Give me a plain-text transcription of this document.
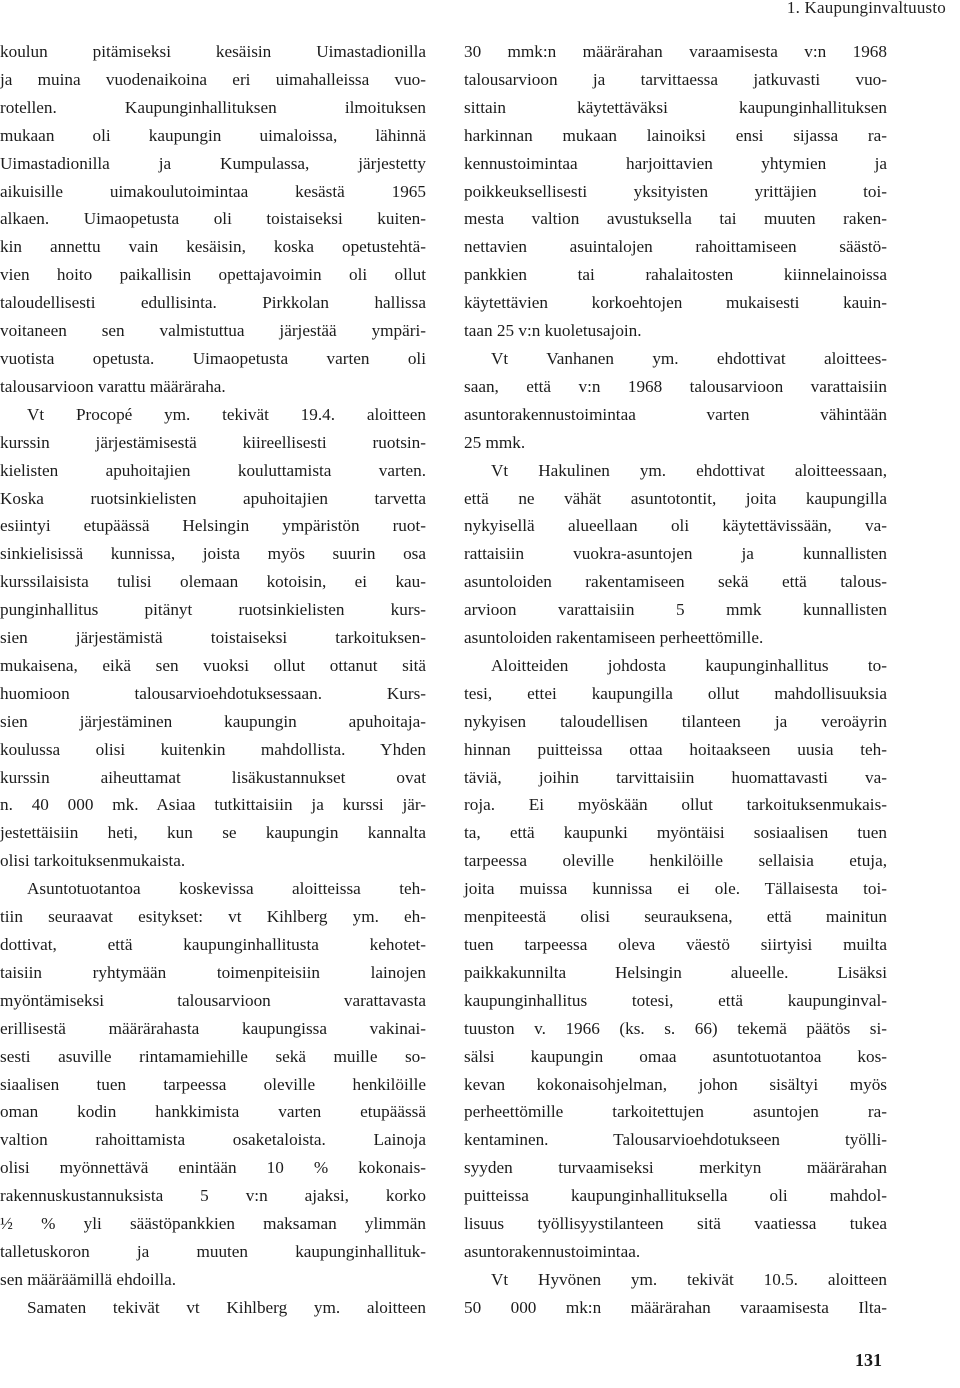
1. Kaupunginvaltuusto
koulun pitämiseksi kesäisin Uimastadionilla
ja muina vuodenaikoina eri uimahalleissa vuo-
rotellen. Kaupunginhallituksen ilmoituksen
mukaan oli kaupungin uimaloissa, lähinnä
Uimastadionilla ja Kumpulassa, järjestetty
aikuisille uimakoulutoimintaa kesästä 1965
alkaen. Uimaopetusta oli toistaiseksi kuiten-
kin annettu vain kesäisin, koska opetustehtä-
vien hoito paikallisin opettajavoimin oli ollut
taloudellisesti edullisinta. Pirkkolan hallissa
voitaneen sen valmistuttua järjestää ympäri-
vuotista opetusta. Uimaopetusta varten oli
talousarvioon varattu määräraha.
Vt Procopé ym. tekivät 19.4. aloitteen
kurssin järjestämisestä kiireellisesti ruotsin-
kielisten apuhoitajien kouluttamista varten.
Koska ruotsinkielisten apuhoitajien tarvetta
esiintyi etupäässä Helsingin ympäristön ruot-
sinkielisissä kunnissa, joista myös suurin osa
kurssilaisista tulisi olemaan kotoisin, ei kau-
punginhallitus pitänyt ruotsinkielisten kurs-
sien järjestämistä toistaiseksi tarkoituksen-
mukaisena, eikä sen vuoksi ollut ottanut sitä
huomioon talousarvioehdotuksessaan. Kurs-
sien järjestäminen kaupungin apuhoitaja-
koulussa olisi kuitenkin mahdollista. Yhden
kurssin aiheuttamat lisäkustannukset ovat
n. 40 000 mk. Asiaa tutkittaisiin ja kurssi jär-
jestettäisiin heti, kun se kaupungin kannalta
olisi tarkoituksenmukaista.
Asuntotuotantoa koskevissa aloitteissa teh-
tiin seuraavat esitykset: vt Kihlberg ym. eh-
dottivat, että kaupunginhallitusta kehotet-
taisiin ryhtymään toimenpiteisiin lainojen
myöntämiseksi talousarvioon varattavasta
erillisestä määrärahasta kaupungissa vakinai-
sesti asuville rintamamiehille sekä muille so-
siaalisen tuen tarpeessa oleville henkilöille
oman kodin hankkimista varten etupäässä
valtion rahoittamista osaketaloista. Lainoja
olisi myönnettävä enintään 10 % kokonais-
rakennuskustannuksista 5 v:n ajaksi, korko
½ % yli säästöpankkien maksaman ylimmän
talletuskoron ja muuten kaupunginhallituk-
sen määräämillä ehdoilla.
Samaten tekivät vt Kihlberg ym. aloitteen
30 mmk:n määrärahan varaamisesta v:n 1968
talousarvioon ja tarvittaessa jatkuvasti vuo-
sittain käytettäväksi kaupunginhallituksen
harkinnan mukaan lainoiksi ensi sijassa ra-
kennustoimintaa harjoittavien yhtymien ja
poikkeuksellisesti yksityisten yrittäjien toi-
mesta valtion avustuksella tai muuten raken-
nettavien asuintalojen rahoittamiseen säästö-
pankkien tai rahalaitosten kiinnelainoissa
käytettävien korkoehtojen mukaisesti kauin-
taan 25 v:n kuoletusajoin.
Vt Vanhanen ym. ehdottivat aloittees-
saan, että v:n 1968 talousarvioon varattaisiin
asuntorakennustoimintaa varten vähintään
25 mmk.
Vt Hakulinen ym. ehdottivat aloitteessaan,
että ne vähät asuntotontit, joita kaupungilla
nykyisellä alueellaan oli käytettävissään, va-
rattaisiin vuokra-asuntojen ja kunnallisten
asuntoloiden rakentamiseen sekä että talous-
arvioon varattaisiin 5 mmk kunnallisten
asuntoloiden rakentamiseen perheettömille.
Aloitteiden johdosta kaupunginhallitus to-
tesi, ettei kaupungilla ollut mahdollisuuksia
nykyisen taloudellisen tilanteen ja veroäyrin
hinnan puitteissa ottaa hoitaakseen uusia teh-
täviä, joihin tarvittaisiin huomattavasti va-
roja. Ei myöskään ollut tarkoituksenmukais-
ta, että kaupunki myöntäisi sosiaalisen tuen
tarpeessa oleville henkilöille sellaisia etuja,
joita muissa kunnissa ei ole. Tällaisesta toi-
menpiteestä olisi seurauksena, että mainitun
tuen tarpeessa oleva väestö siirtyisi muilta
paikkakunnilta Helsingin alueelle. Lisäksi
kaupunginhallitus totesi, että kaupunginval-
tuuston v. 1966 (ks. s. 66) tekemä päätös si-
sälsi kaupungin omaa asuntotuotantoa kos-
kevan kokonaisohjelman, johon sisältyi myös
perheettömille tarkoitettujen asuntojen ra-
kentaminen. Talousarvioehdotukseen työlli-
syyden turvaamiseksi merkityn määrärahan
puitteissa kaupunginhallituksella oli mahdol-
lisuus työllisyystilanteen sitä vaatiessa tukea
asuntorakennustoimintaa.
Vt Hyvönen ym. tekivät 10.5. aloitteen
50 000 mk:n määrärahan varaamisesta Ilta-
131
